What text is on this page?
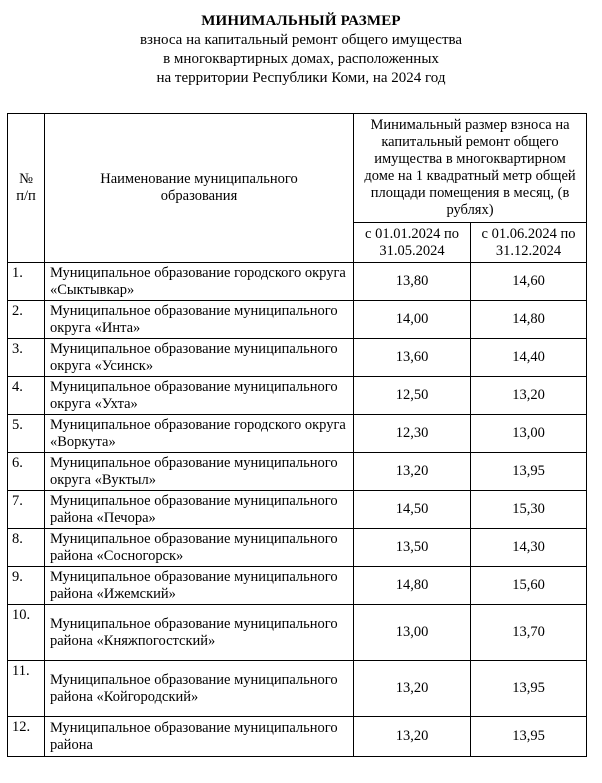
МИНИМАЛЬНЫЙ РАЗМЕР
взноса на капитальный ремонт общего имущества
в многоквартирных домах, расположенных
на территории Республики Коми, на 2024 год
№ п/п	Наименование муниципального образования	Минимальный размер взноса на капитальный ремонт общего имущества в многоквартирном доме на 1 квадратный метр общей площади помещения в месяц, (в рублях)	

		с 01.01.2024 по 31.05.2024	с 01.06.2024 по 31.12.2024

1.	Муниципальное образование городского округа «Сыктывкар»	13,80	14,60
2.	Муниципальное образование муниципального округа «Инта»	14,00	14,80
3.	Муниципальное образование муниципального округа «Усинск»	13,60	14,40
4.	Муниципальное образование муниципального округа «Ухта»	12,50	13,20
5.	Муниципальное образование городского округа «Воркута»	12,30	13,00
6.	Муниципальное образование муниципального округа «Вуктыл»	13,20	13,95
7.	Муниципальное образование муниципального района «Печора»	14,50	15,30
8.	Муниципальное образование муниципального района «Сосногорск»	13,50	14,30
9.	Муниципальное образование муниципального района «Ижемский»	14,80	15,60
10.	Муниципальное образование муниципального района «Княжпогостский»	13,00	13,70
11.	Муниципальное образование муниципального района «Койгородский»	13,20	13,95
12.	Муниципальное образование муниципального района	13,20	13,95
